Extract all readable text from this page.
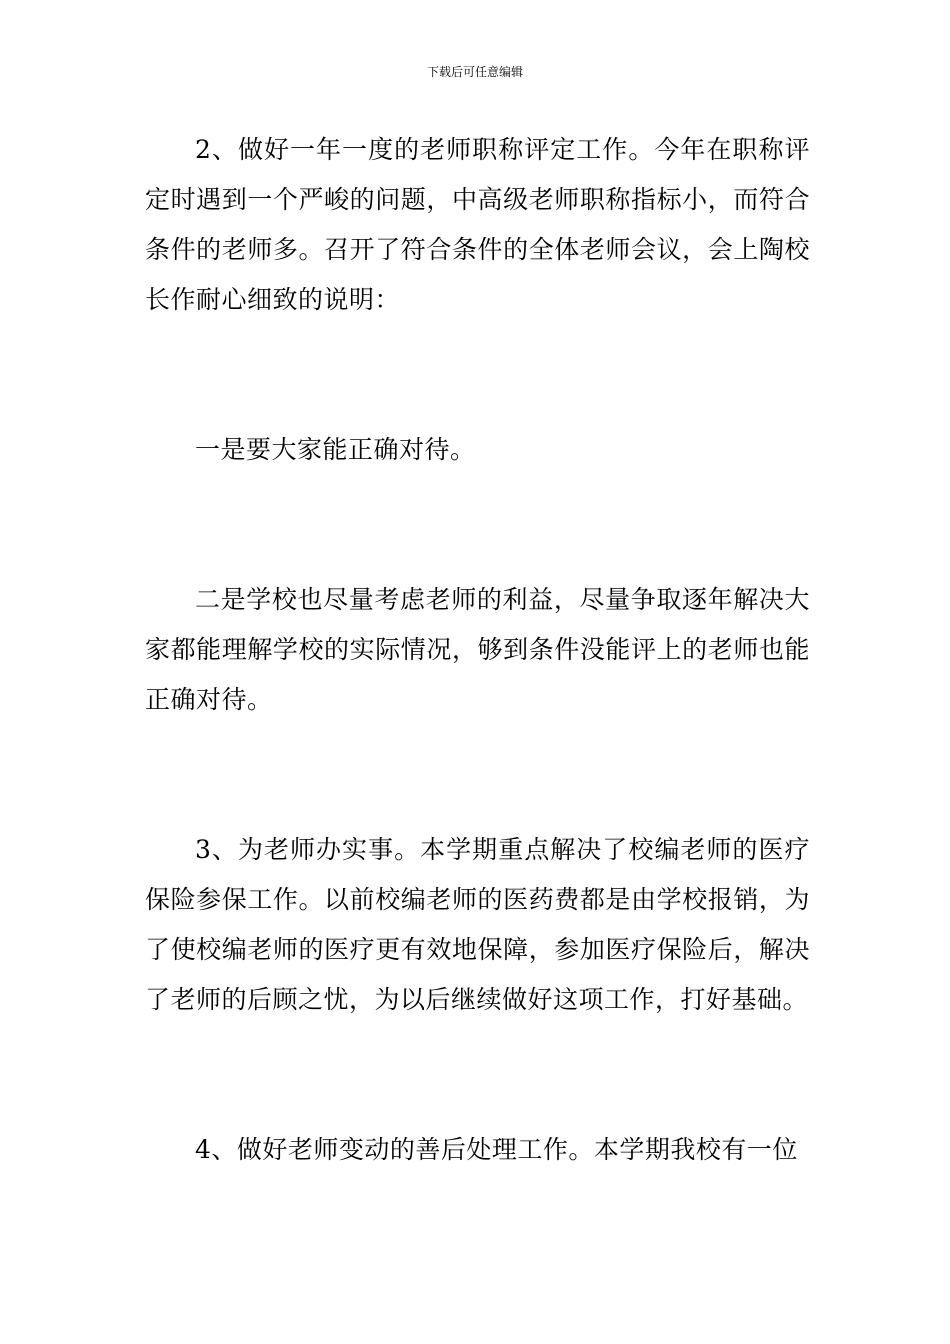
下载后可任意编辑

2、做好一年一度的老师职称评定工作。今年在职称评定时遇到一个严峻的问题，中高级老师职称指标小，而符合条件的老师多。召开了符合条件的全体老师会议，会上陶校长作耐心细致的说明：

一是要大家能正确对待。

二是学校也尽量考虑老师的利益，尽量争取逐年解决大家都能理解学校的实际情况，够到条件没能评上的老师也能正确对待。

3、为老师办实事。本学期重点解决了校编老师的医疗保险参保工作。以前校编老师的医药费都是由学校报销，为了使校编老师的医疗更有效地保障，参加医疗保险后，解决了老师的后顾之忧，为以后继续做好这项工作，打好基础。

4、做好老师变动的善后处理工作。本学期我校有一位
